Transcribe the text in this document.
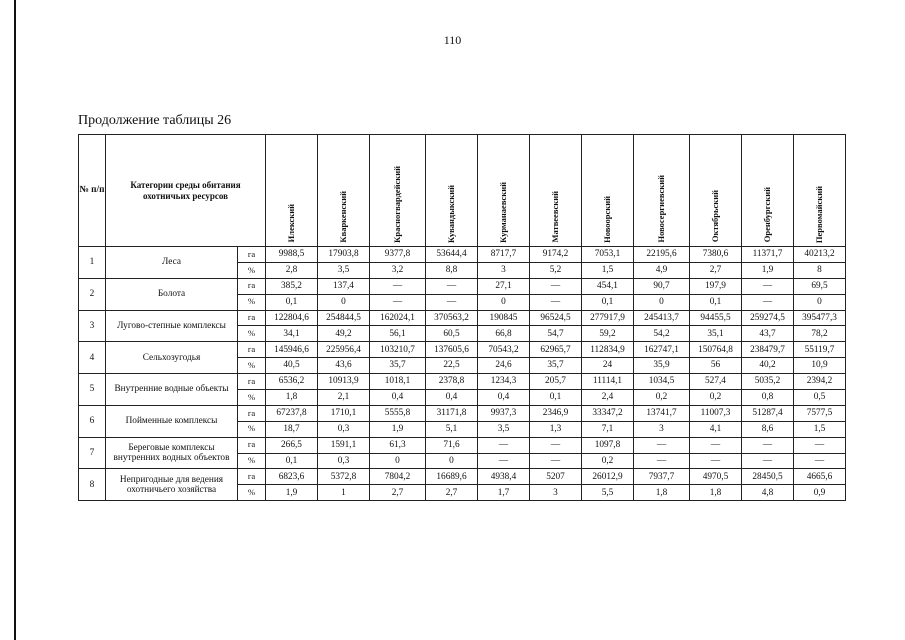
110
Продолжение таблицы 26
№ п/п	Категории среды обитания охотничьих ресурсов		Илекский	Кваркенский	Красногвардейский	Кувандыкский	Курманаевский	Матвеевский	Новоорский	Новосергиевский	Октябрьский	Оренбургский	Первомайский
1	Леса	га	9988,5	17903,8	9377,8	53644,4	8717,7	9174,2	7053,1	22195,6	7380,6	11371,7	40213,2
		%	2,8	3,5	3,2	8,8	3	5,2	1,5	4,9	2,7	1,9	8
2	Болота	га	385,2	137,4	—	—	27,1	—	454,1	90,7	197,9	—	69,5
		%	0,1	0	—	—	0	—	0,1	0	0,1	—	0
3	Лугово-степные комплексы	га	122804,6	254844,5	162024,1	370563,2	190845	96524,5	277917,9	245413,7	94455,5	259274,5	395477,3
		%	34,1	49,2	56,1	60,5	66,8	54,7	59,2	54,2	35,1	43,7	78,2
4	Сельхозугодья	га	145946,6	225956,4	103210,7	137605,6	70543,2	62965,7	112834,9	162747,1	150764,8	238479,7	55119,7
		%	40,5	43,6	35,7	22,5	24,6	35,7	24	35,9	56	40,2	10,9
5	Внутренние водные объекты	га	6536,2	10913,9	1018,1	2378,8	1234,3	205,7	11114,1	1034,5	527,4	5035,2	2394,2
		%	1,8	2,1	0,4	0,4	0,4	0,1	2,4	0,2	0,2	0,8	0,5
6	Пойменные комплексы	га	67237,8	1710,1	5555,8	31171,8	9937,3	2346,9	33347,2	13741,7	11007,3	51287,4	7577,5
		%	18,7	0,3	1,9	5,1	3,5	1,3	7,1	3	4,1	8,6	1,5
7	Береговые комплексы внутренних водных объектов	га	266,5	1591,1	61,3	71,6	—	—	1097,8	—	—	—	—
		%	0,1	0,3	0	0	—	—	0,2	—	—	—	—
8	Непригодные для ведения охотничьего хозяйства	га	6823,6	5372,8	7804,2	16689,6	4938,4	5207	26012,9	7937,7	4970,5	28450,5	4665,6
		%	1,9	1	2,7	2,7	1,7	3	5,5	1,8	1,8	4,8	0,9
